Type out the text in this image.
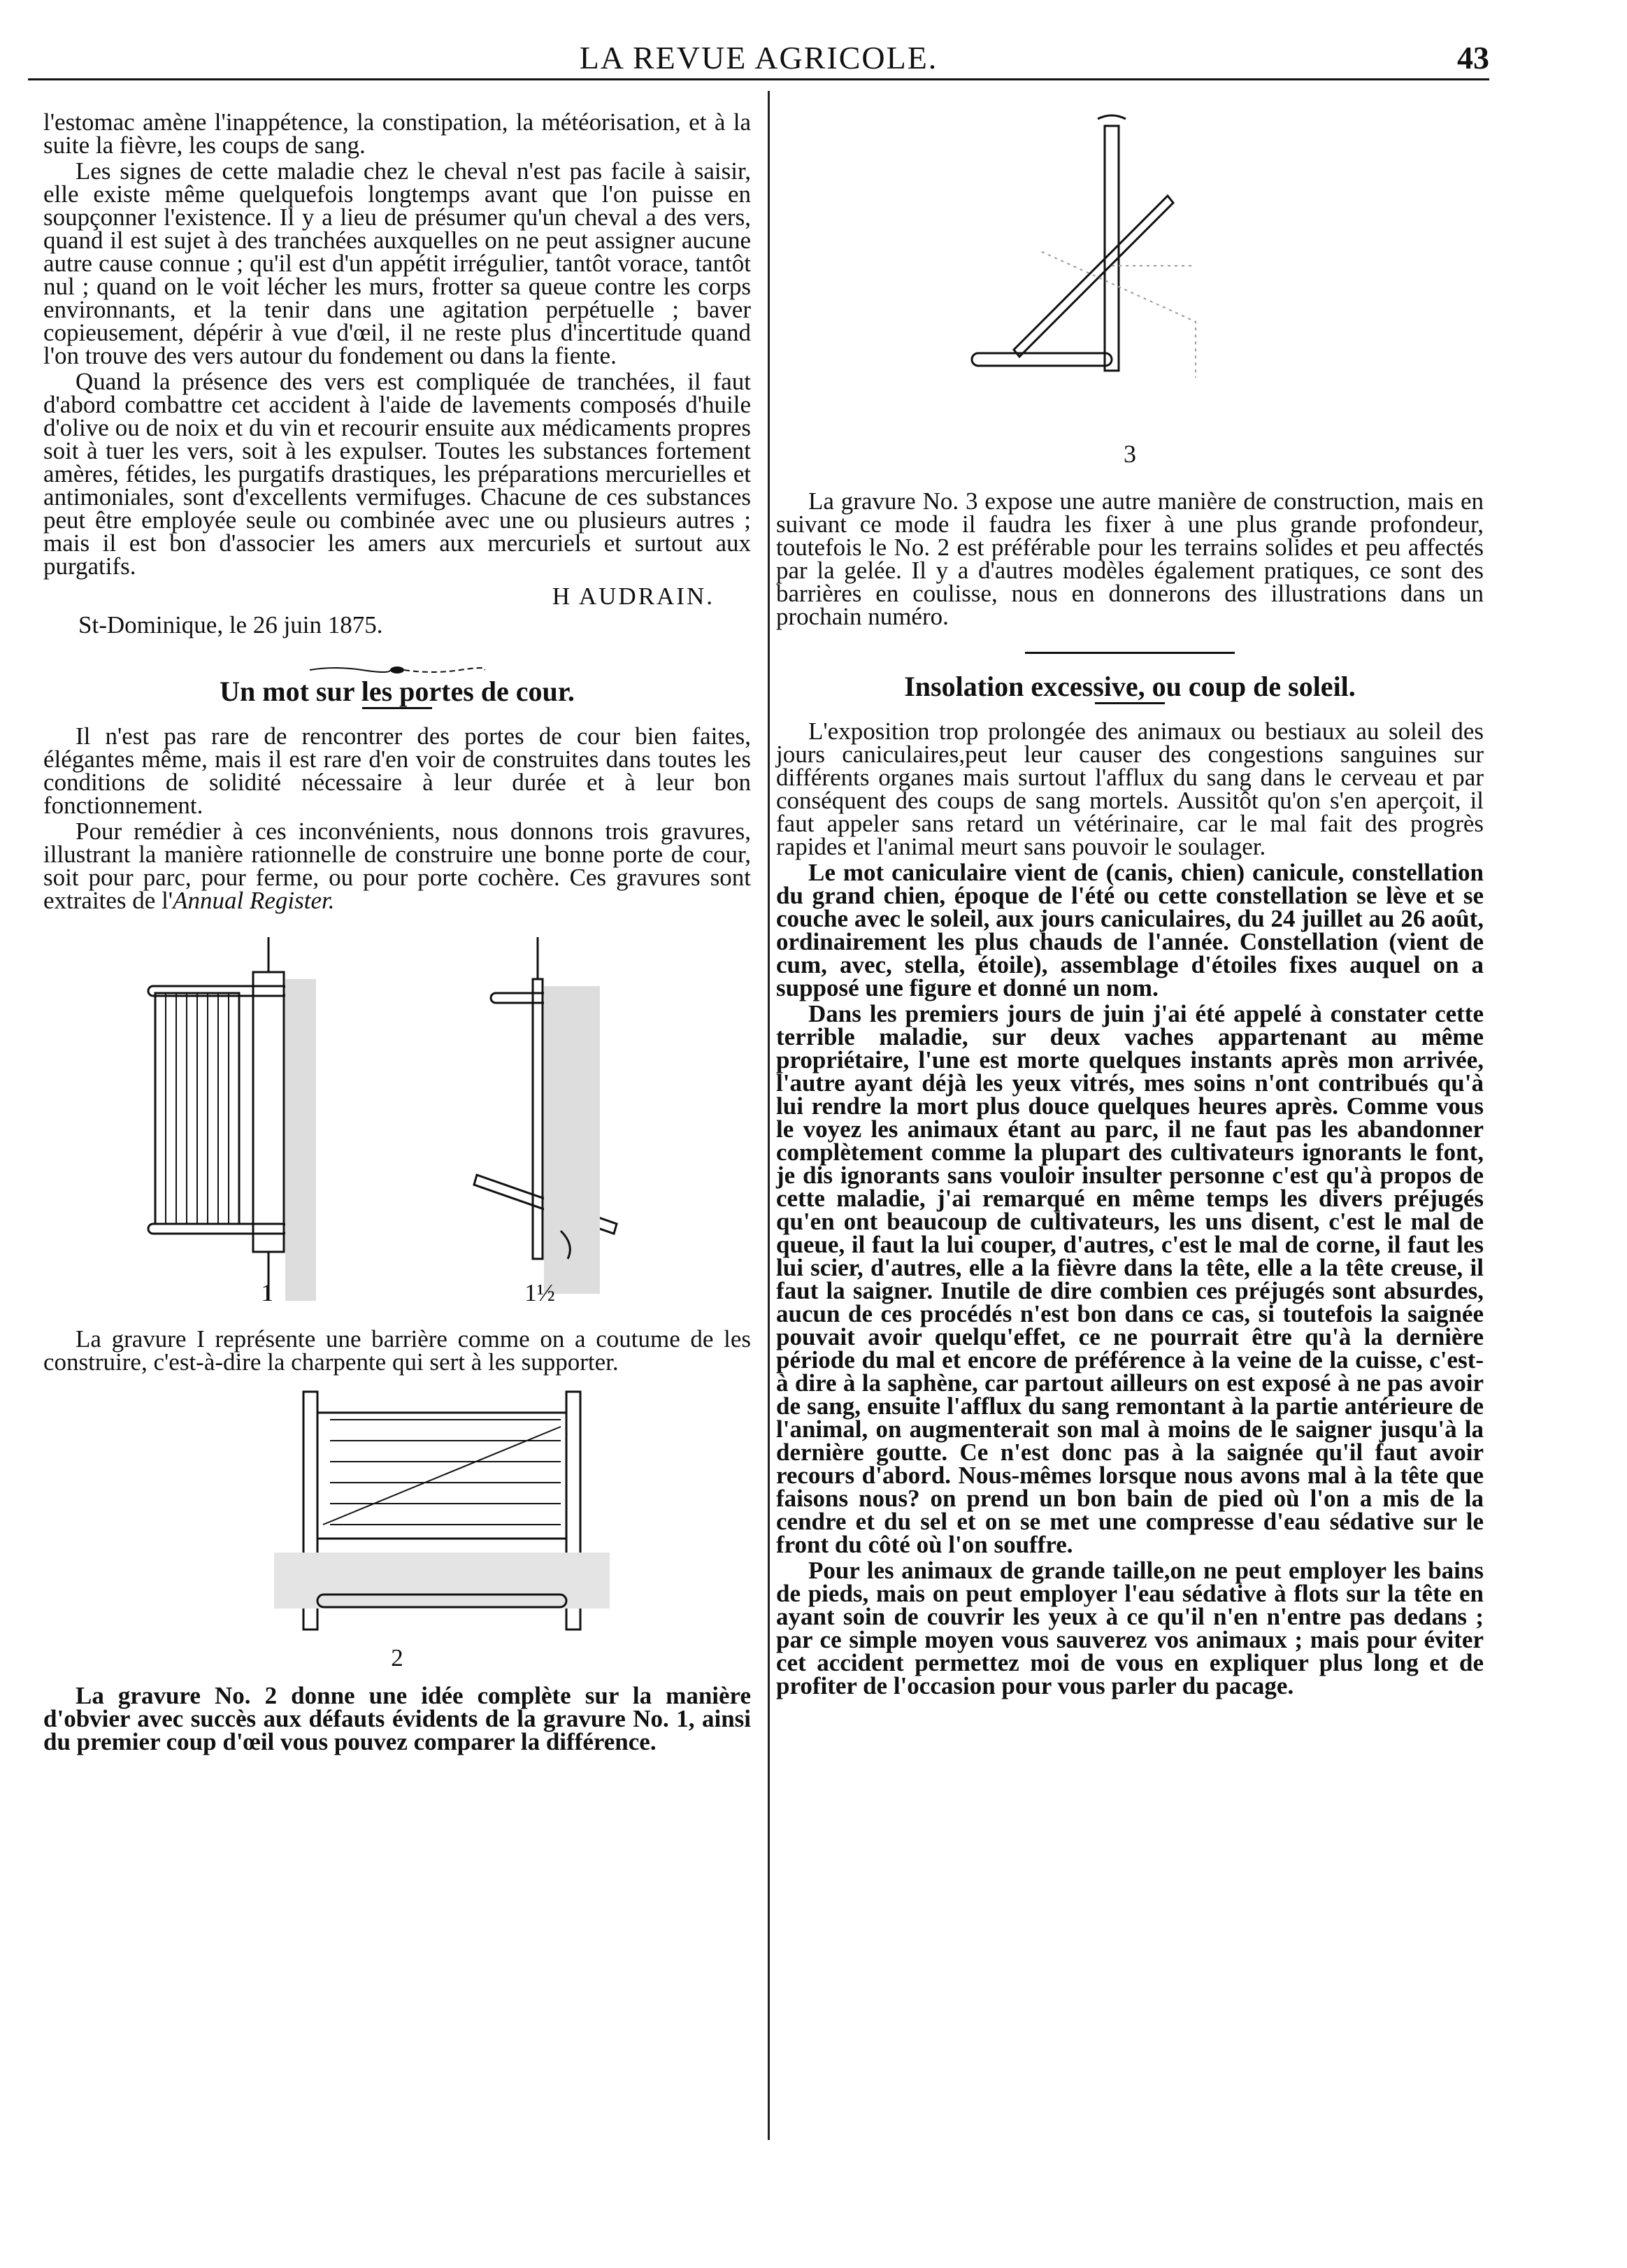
LA REVUE AGRICOLE.	43

l'estomac amène l'inappétence, la constipation, la météorisation, et à la suite la fièvre, les coups de sang.

Les signes de cette maladie chez le cheval n'est pas facile à saisir, elle existe même quelquefois longtemps avant que l'on puisse en soupçonner l'existence. Il y a lieu de présumer qu'un cheval a des vers, quand il est sujet à des tranchées auxquelles on ne peut assigner aucune autre cause connue ; qu'il est d'un appétit irrégulier, tantôt vorace, tantôt nul ; quand on le voit lécher les murs, frotter sa queue contre les corps environnants, et la tenir dans une agitation perpétuelle ; baver copieusement, dépérir à vue d'œil, il ne reste plus d'incertitude quand l'on trouve des vers autour du fondement ou dans la fiente.

Quand la présence des vers est compliquée de tranchées, il faut d'abord combattre cet accident à l'aide de lavements composés d'huile d'olive ou de noix et du vin et recourir ensuite aux médicaments propres soit à tuer les vers, soit à les expulser. Toutes les substances fortement amères, fétides, les purgatifs drastiques, les préparations mercurielles et antimoniales, sont d'excellents vermifuges. Chacune de ces substances peut être employée seule ou combinée avec une ou plusieurs autres ; mais il est bon d'associer les amers aux mercuriels et surtout aux purgatifs.

H AUDRAIN.
St-Dominique, le 26 juin 1875.
Un mot sur les portes de cour.

Il n'est pas rare de rencontrer des portes de cour bien faites, élégantes même, mais il est rare d'en voir de construites dans toutes les conditions de solidité nécessaire à leur durée et à leur bon fonctionnement.

Pour remédier à ces inconvénients, nous donnons trois gravures, illustrant la manière rationnelle de construire une bonne porte de cour, soit pour parc, pour ferme, ou pour porte cochère. Ces gravures sont extraites de l'Annual Register.

1	1½

La gravure I représente une barrière comme on a coutume de les construire, c'est-à-dire la charpente qui sert à les supporter.

2

La gravure No. 2 donne une idée complète sur la manière d'obvier avec succès aux défauts évidents de la gravure No. 1, ainsi du premier coup d'œil vous pouvez comparer la différence.

3

La gravure No. 3 expose une autre manière de construction, mais en suivant ce mode il faudra les fixer à une plus grande profondeur, toutefois le No. 2 est préférable pour les terrains solides et peu affectés par la gelée. Il y a d'autres modèles également pratiques, ce sont des barrières en coulisse, nous en donnerons des illustrations dans un prochain numéro.

Insolation excessive, ou coup de soleil.

L'exposition trop prolongée des animaux ou bestiaux au soleil des jours caniculaires,peut leur causer des congestions sanguines sur différents organes mais surtout l'afflux du sang dans le cerveau et par conséquent des coups de sang mortels. Aussitôt qu'on s'en aperçoit, il faut appeler sans retard un vétérinaire, car le mal fait des progrès rapides et l'animal meurt sans pouvoir le soulager.

Le mot caniculaire vient de (canis, chien) canicule, constellation du grand chien, époque de l'été ou cette constellation se lève et se couche avec le soleil, aux jours caniculaires, du 24 juillet au 26 août, ordinairement les plus chauds de l'année. Constellation (vient de cum, avec, stella, étoile), assemblage d'étoiles fixes auquel on a supposé une figure et donné un nom.

Dans les premiers jours de juin j'ai été appelé à constater cette terrible maladie, sur deux vaches appartenant au même propriétaire, l'une est morte quelques instants après mon arrivée, l'autre ayant déjà les yeux vitrés, mes soins n'ont contribués qu'à lui rendre la mort plus douce quelques heures après. Comme vous le voyez les animaux étant au parc, il ne faut pas les abandonner complètement comme la plupart des cultivateurs ignorants le font, je dis ignorants sans vouloir insulter personne c'est qu'à propos de cette maladie, j'ai remarqué en même temps les divers préjugés qu'en ont beaucoup de cultivateurs, les uns disent, c'est le mal de queue, il faut la lui couper, d'autres, c'est le mal de corne, il faut les lui scier, d'autres, elle a la fièvre dans la tête, elle a la tête creuse, il faut la saigner. Inutile de dire combien ces préjugés sont absurdes, aucun de ces procédés n'est bon dans ce cas, si toutefois la saignée pouvait avoir quelqu'effet, ce ne pourrait être qu'à la dernière période du mal et encore de préférence à la veine de la cuisse, c'est-à dire à la saphène, car partout ailleurs on est exposé à ne pas avoir de sang, ensuite l'afflux du sang remontant à la partie antérieure de l'animal, on augmenterait son mal à moins de le saigner jusqu'à la dernière goutte. Ce n'est donc pas à la saignée qu'il faut avoir recours d'abord. Nous-mêmes lorsque nous avons mal à la tête que faisons nous? on prend un bon bain de pied où l'on a mis de la cendre et du sel et on se met une compresse d'eau sédative sur le front du côté où l'on souffre.

Pour les animaux de grande taille,on ne peut employer les bains de pieds, mais on peut employer l'eau sédative à flots sur la tête en ayant soin de couvrir les yeux à ce qu'il n'en n'entre pas dedans ; par ce simple moyen vous sauverez vos animaux ; mais pour éviter cet accident permettez moi de vous en expliquer plus long et de profiter de l'occasion pour vous parler du pacage.
